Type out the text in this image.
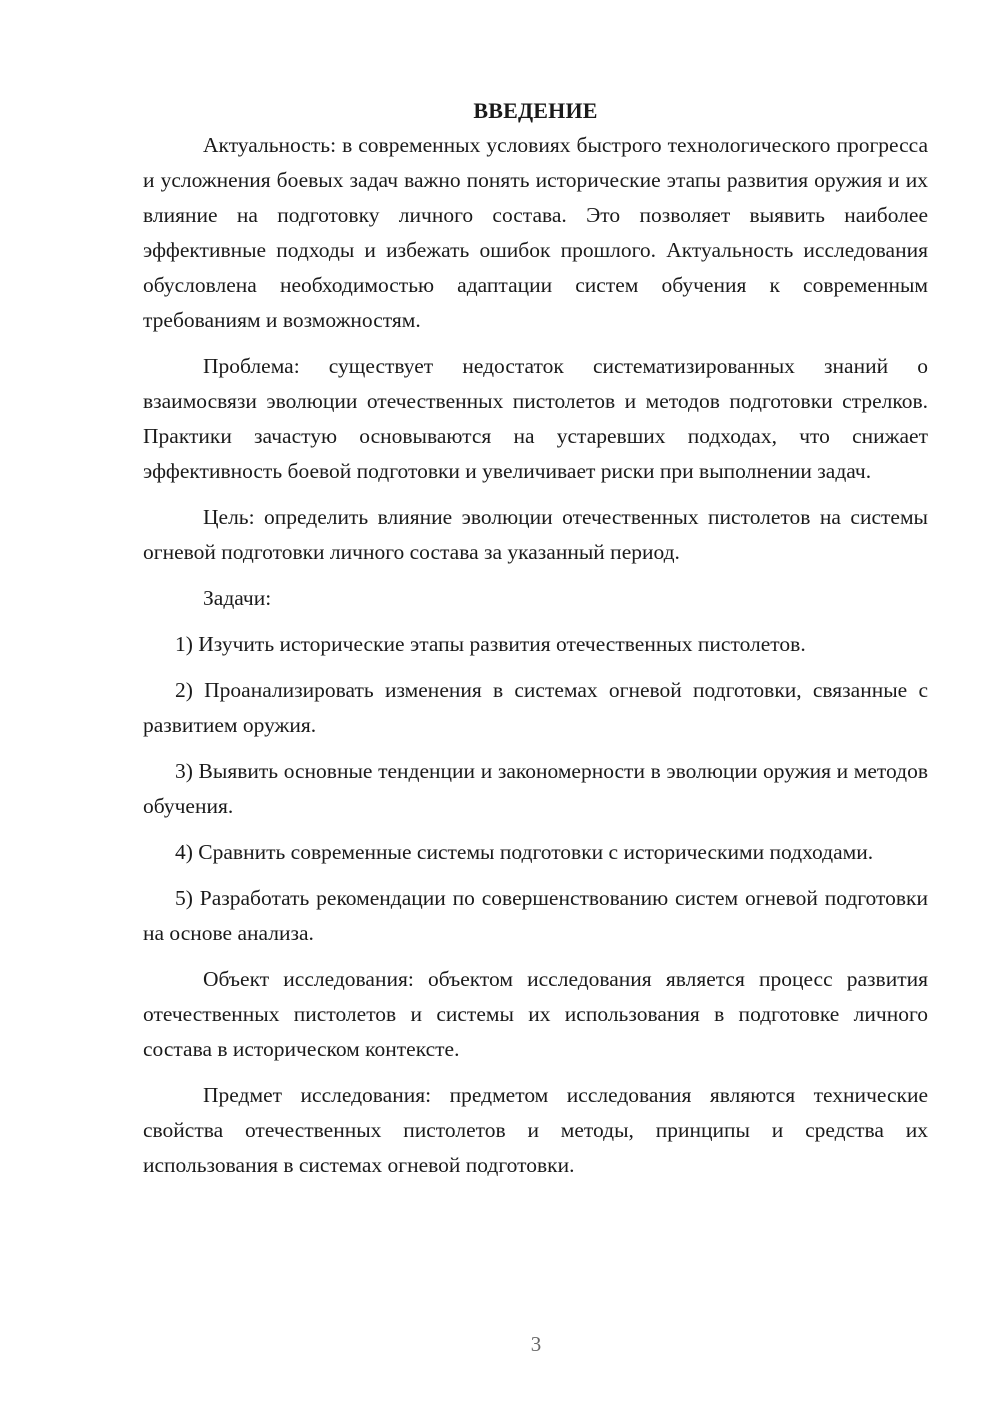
ВВЕДЕНИЕ

Актуальность: в современных условиях быстрого технологического прогресса и усложнения боевых задач важно понять исторические этапы развития оружия и их влияние на подготовку личного состава. Это позволяет выявить наиболее эффективные подходы и избежать ошибок прошлого. Актуальность исследования обусловлена необходимостью адаптации систем обучения к современным требованиям и возможностям.

Проблема: существует недостаток систематизированных знаний о взаимосвязи эволюции отечественных пистолетов и методов подготовки стрелков. Практики зачастую основываются на устаревших подходах, что снижает эффективность боевой подготовки и увеличивает риски при выполнении задач.

Цель: определить влияние эволюции отечественных пистолетов на системы огневой подготовки личного состава за указанный период.

Задачи:

1) Изучить исторические этапы развития отечественных пистолетов.

2) Проанализировать изменения в системах огневой подготовки, связанные с развитием оружия.

3) Выявить основные тенденции и закономерности в эволюции оружия и методов обучения.

4) Сравнить современные системы подготовки с историческими подходами.

5) Разработать рекомендации по совершенствованию систем огневой подготовки на основе анализа.

Объект исследования: объектом исследования является процесс развития отечественных пистолетов и системы их использования в подготовке личного состава в историческом контексте.

Предмет исследования: предметом исследования являются технические свойства отечественных пистолетов и методы, принципы и средства их использования в системах огневой подготовки.

3
